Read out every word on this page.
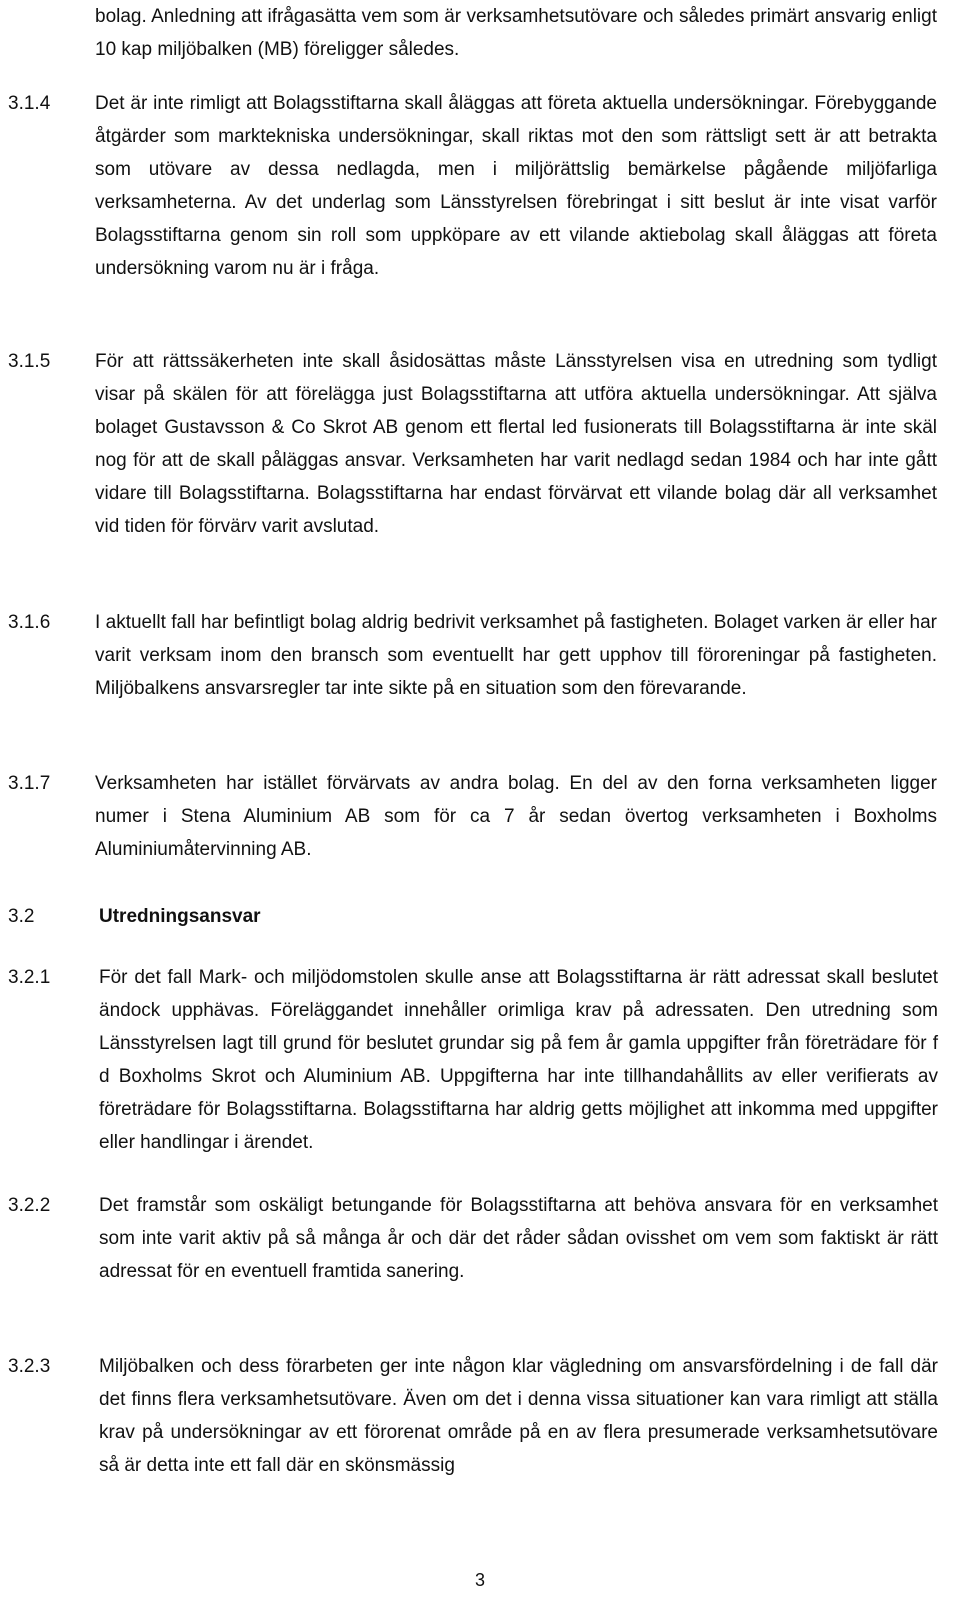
bolag. Anledning att ifrågasätta vem som är verksamhetsutövare och således primärt ansvarig enligt 10 kap miljöbalken (MB) föreligger således.
3.1.4	Det är inte rimligt att Bolagsstiftarna skall åläggas att företa aktuella undersökningar. Förebyggande åtgärder som marktekniska undersökningar, skall riktas mot den som rättsligt sett är att betrakta som utövare av dessa nedlagda, men i miljörättslig bemärkelse pågående miljöfarliga verksamheterna. Av det underlag som Länsstyrelsen förebringat i sitt beslut är inte visat varför Bolagsstiftarna genom sin roll som uppköpare av ett vilande aktiebolag skall åläggas att företa undersökning varom nu är i fråga.
3.1.5	För att rättssäkerheten inte skall åsidosättas måste Länsstyrelsen visa en utredning som tydligt visar på skälen för att förelägga just Bolagsstiftarna att utföra aktuella undersökningar. Att själva bolaget Gustavsson & Co Skrot AB genom ett flertal led fusionerats till Bolagsstiftarna är inte skäl nog för att de skall påläggas ansvar. Verksamheten har varit nedlagd sedan 1984 och har inte gått vidare till Bolagsstiftarna. Bolagsstiftarna har endast förvärvat ett vilande bolag där all verksamhet vid tiden för förvärv varit avslutad.
3.1.6	I aktuellt fall har befintligt bolag aldrig bedrivit verksamhet på fastigheten. Bolaget varken är eller har varit verksam inom den bransch som eventuellt har gett upphov till föroreningar på fastigheten. Miljöbalkens ansvarsregler tar inte sikte på en situation som den förevarande.
3.1.7	Verksamheten har istället förvärvats av andra bolag. En del av den forna verksamheten ligger numer i Stena Aluminium AB som för ca 7 år sedan övertog verksamheten i Boxholms Aluminiumåtervinning AB.
3.2	Utredningsansvar
3.2.1	För det fall Mark- och miljödomstolen skulle anse att Bolagsstiftarna är rätt adressat skall beslutet ändock upphävas. Föreläggandet innehåller orimliga krav på adressaten. Den utredning som Länsstyrelsen lagt till grund för beslutet grundar sig på fem år gamla uppgifter från företrädare för f d Boxholms Skrot och Aluminium AB. Uppgifterna har inte tillhandahållits av eller verifierats av företrädare för Bolagsstiftarna. Bolagsstiftarna har aldrig getts möjlighet att inkomma med uppgifter eller handlingar i ärendet.
3.2.2	Det framstår som oskäligt betungande för Bolagsstiftarna att behöva ansvara för en verksamhet som inte varit aktiv på så många år och där det råder sådan ovisshet om vem som faktiskt är rätt adressat för en eventuell framtida sanering.
3.2.3	Miljöbalken och dess förarbeten ger inte någon klar vägledning om ansvarsfördelning i de fall där det finns flera verksamhetsutövare. Även om det i denna vissa situationer kan vara rimligt att ställa krav på undersökningar av ett förorenat område på en av flera presumerade verksamhetsutövare så är detta inte ett fall där en skönsmässig
3
